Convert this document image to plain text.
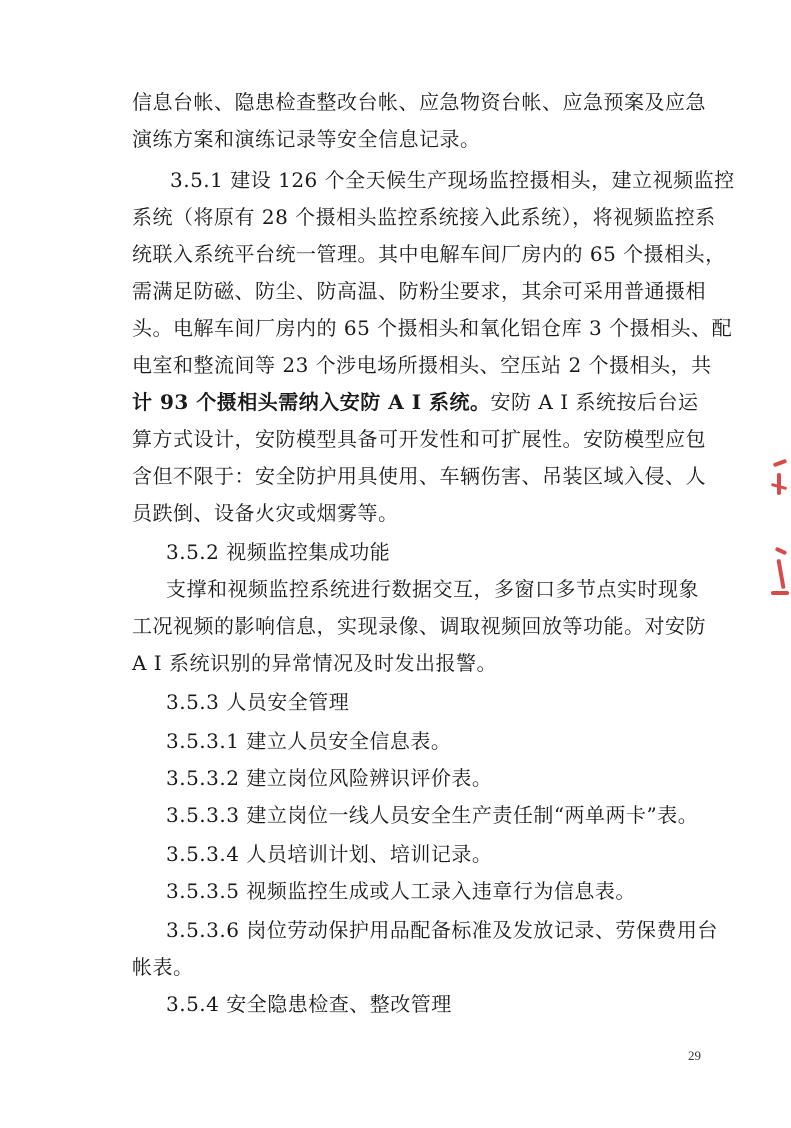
信息台帐、隐患检查整改台帐、应急物资台帐、应急预案及应急
演练方案和演练记录等安全信息记录。
3.5.1 建设 126 个全天候生产现场监控摄相头，建立视频监控
系统（将原有 28 个摄相头监控系统接入此系统），将视频监控系
统联入系统平台统一管理。其中电解车间厂房内的 65 个摄相头，
需满足防磁、防尘、防高温、防粉尘要求，其余可采用普通摄相
头。电解车间厂房内的 65 个摄相头和氧化铝仓库 3 个摄相头、配
电室和整流间等 23 个涉电场所摄相头、空压站 2 个摄相头，共
计 93 个摄相头需纳入安防 A I 系统。安防 A I 系统按后台运
算方式设计，安防模型具备可开发性和可扩展性。安防模型应包
含但不限于：安全防护用具使用、车辆伤害、吊装区域入侵、人
员跌倒、设备火灾或烟雾等。
3.5.2 视频监控集成功能
支撑和视频监控系统进行数据交互，多窗口多节点实时现象
工况视频的影响信息，实现录像、调取视频回放等功能。对安防
A I 系统识别的异常情况及时发出报警。
3.5.3 人员安全管理
3.5.3.1 建立人员安全信息表。
3.5.3.2 建立岗位风险辨识评价表。
3.5.3.3 建立岗位一线人员安全生产责任制“两单两卡”表。
3.5.3.4 人员培训计划、培训记录。
3.5.3.5 视频监控生成或人工录入违章行为信息表。
3.5.3.6 岗位劳动保护用品配备标准及发放记录、劳保费用台
帐表。
3.5.4 安全隐患检查、整改管理
29
